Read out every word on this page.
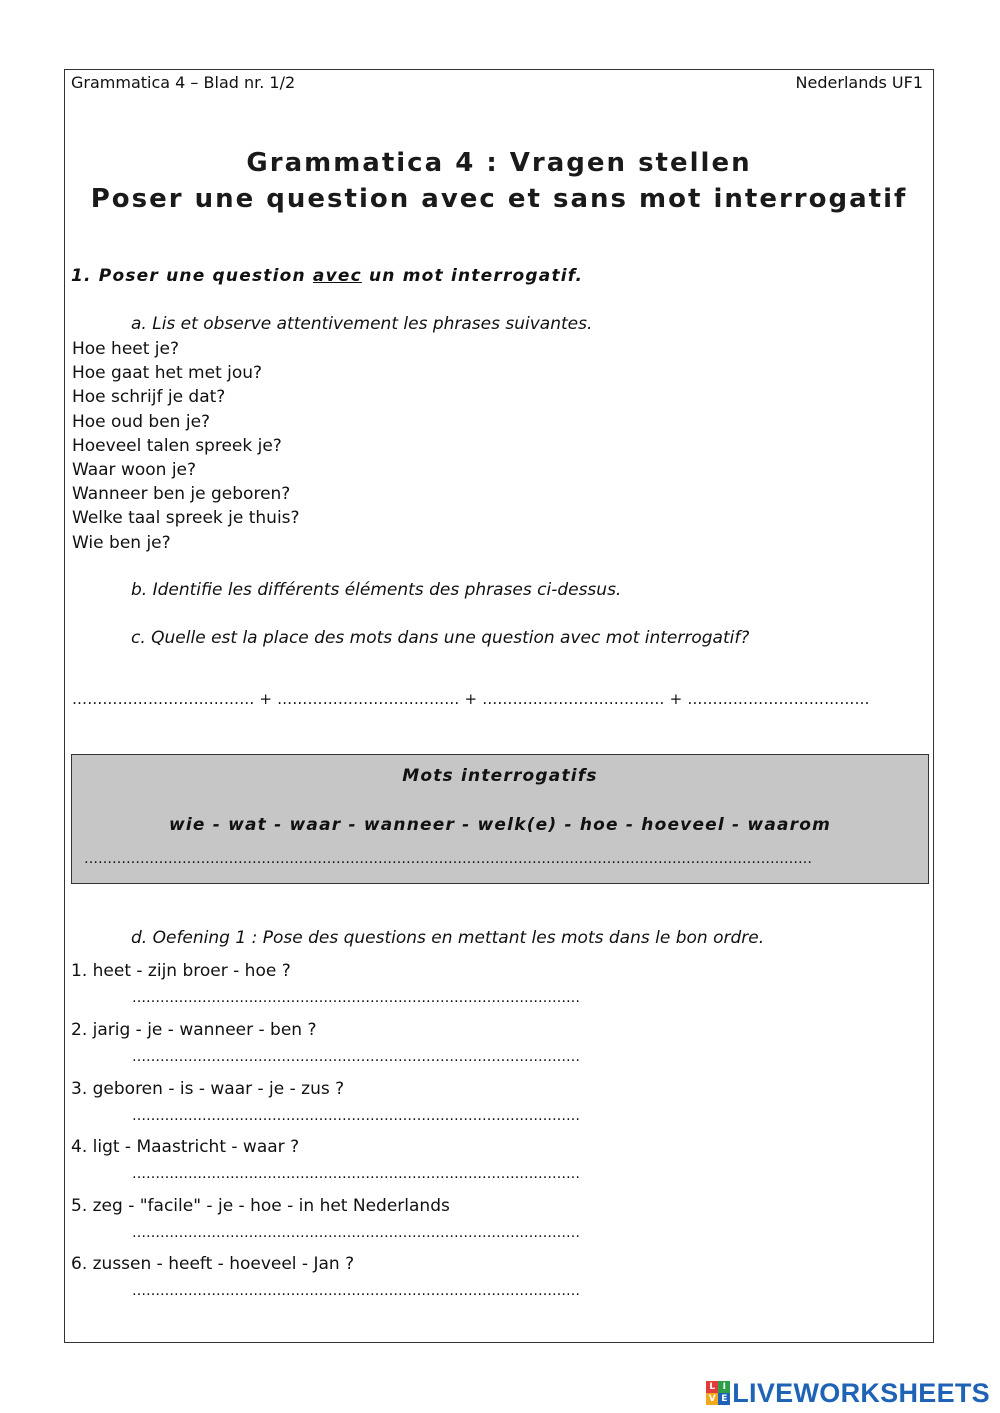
Grammatica 4 – Blad nr. 1/2	Nederlands UF1
Grammatica 4 : Vragen stellen
Poser une question avec et sans mot interrogatif
1. Poser une question avec un mot interrogatif.
a. Lis et observe attentivement les phrases suivantes.
Hoe heet je?
Hoe gaat het met jou?
Hoe schrijf je dat?
Hoe oud ben je?
Hoeveel talen spreek je?
Waar woon je?
Wanneer ben je geboren?
Welke taal spreek je thuis?
Wie ben je?
b. Identifie les différents éléments des phrases ci-dessus.
c. Quelle est la place des mots dans une question avec mot interrogatif?
……………………………… + ……………………………… + ……………………………… + ………………………………
Mots interrogatifs
wie - wat - waar - wanneer - welk(e) - hoe - hoeveel - waarom
…………………………………………………………………………………………………………………………………………
d. Oefening 1 : Pose des questions en mettant les mots dans le bon ordre.
1. heet - zijn broer - hoe ?
……………………………………………………………………………………
2. jarig - je - wanneer - ben ?
……………………………………………………………………………………
3. geboren - is - waar - je - zus ?
……………………………………………………………………………………
4. ligt - Maastricht - waar ?
……………………………………………………………………………………
5. zeg - "facile" - je - hoe - in het Nederlands
……………………………………………………………………………………
6. zussen - heeft - hoeveel - Jan ?
……………………………………………………………………………………
L I
V E LIVEWORKSHEETS
